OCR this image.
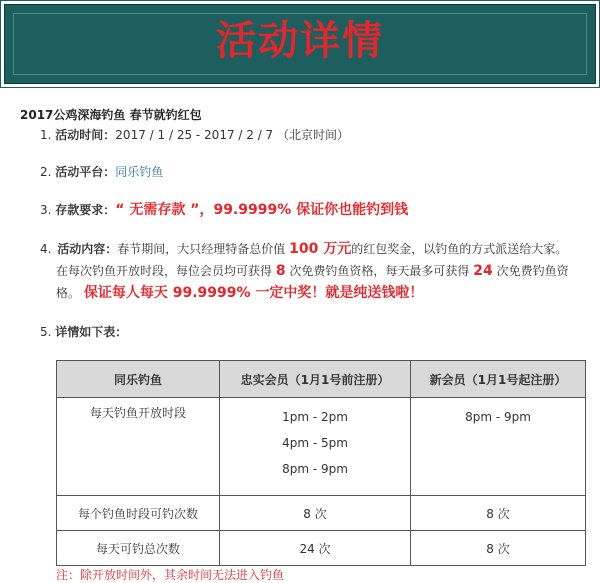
活动详情
2017公鸡深海钓鱼 春节就钓红包
1. 活动时间：2017 / 1 / 25 - 2017 / 2 / 7 （北京时间）
2. 活动平台：同乐钓鱼
3. 存款要求：“ 无需存款 ”，99.9999% 保证你也能钓到钱
4. 活动内容：春节期间，大只经理特备总价值 100 万元的红包奖金，以钓鱼的方式派送给大家。
在每次钓鱼开放时段，每位会员均可获得 8 次免费钓鱼资格，每天最多可获得 24 次免费钓鱼资
格。 保证每人每天 99.9999% 一定中奖！就是纯送钱啦！
5. 详情如下表：
同乐钓鱼	忠实会员（1月1号前注册）	新会员（1月1号起注册）
每天钓鱼开放时段	1pm - 2pm
4pm - 5pm
8pm - 9pm	8pm - 9pm

每个钓鱼时段可钓次数	8 次	8 次
每天可钓总次数	24 次	8 次
注：除开放时间外，其余时间无法进入钓鱼
